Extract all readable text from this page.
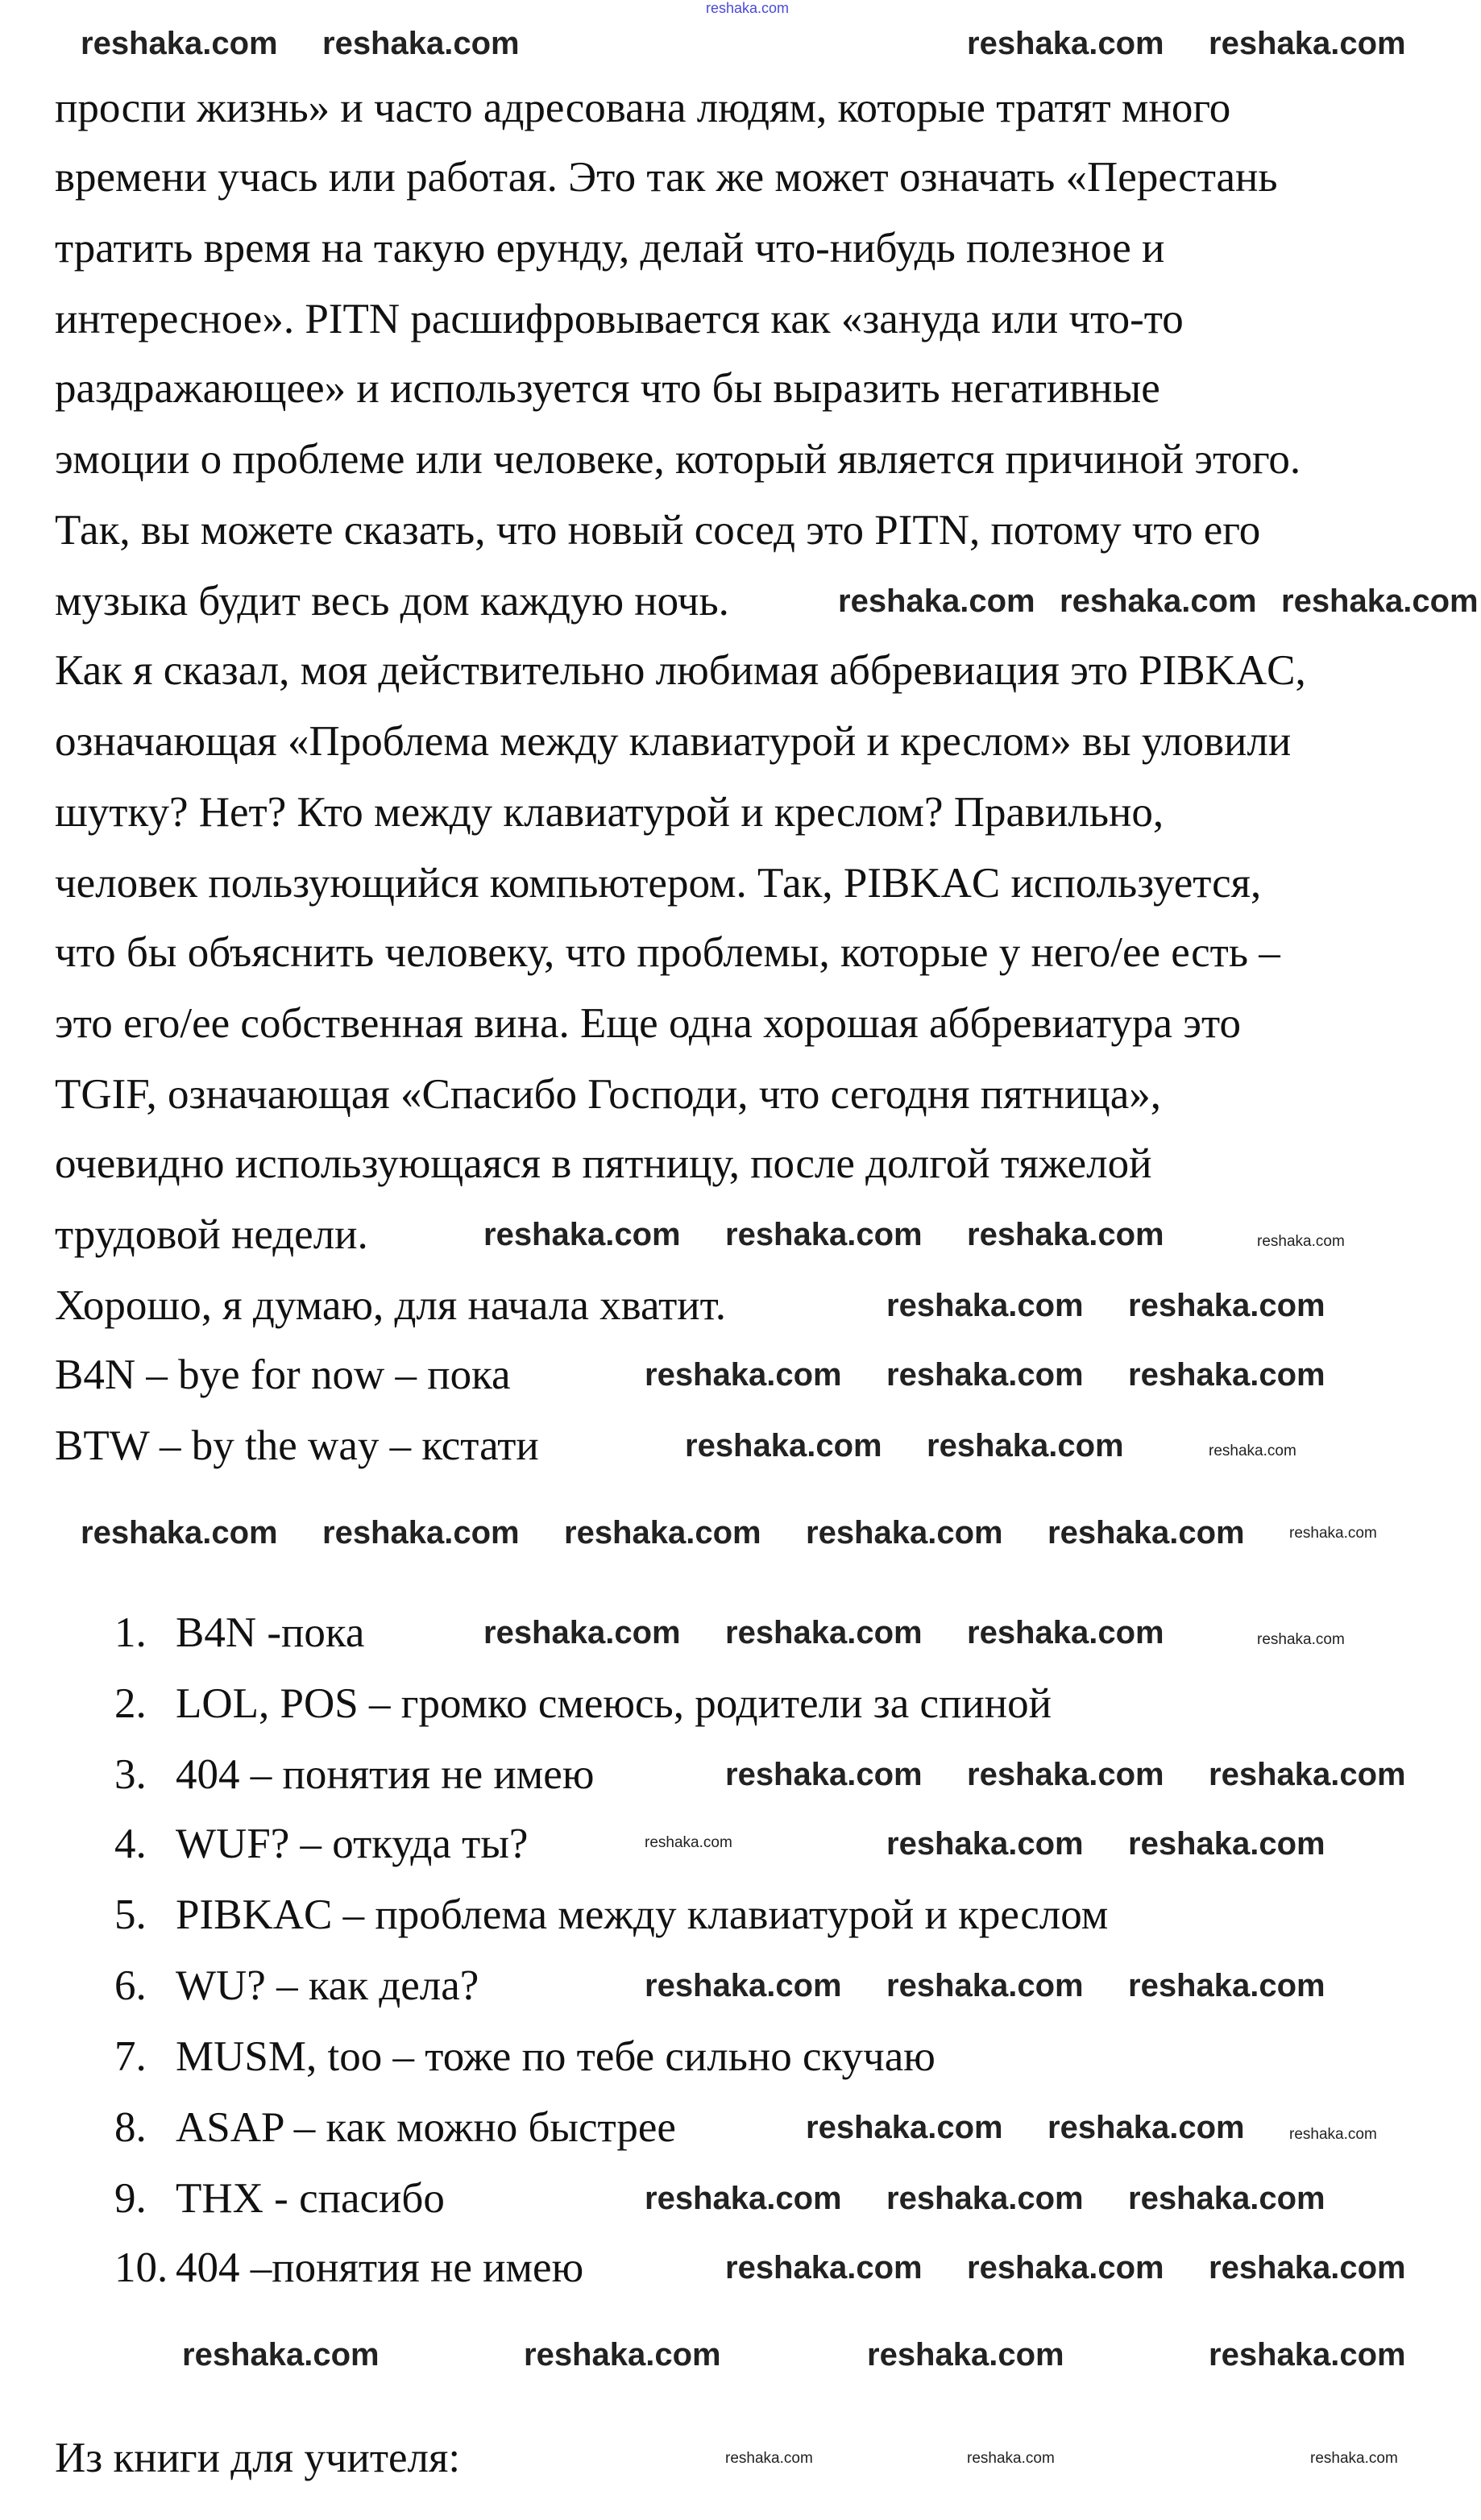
reshaka.com
проспи жизнь» и часто адресована людям, которые тратят много
времени учась или работая. Это так же может означать «Перестань
тратить время на такую ерунду, делай что-нибудь полезное и
интересное». PITN расшифровывается как «зануда или что-то
раздражающее» и используется что бы выразить негативные
эмоции о проблеме или человеке, который является причиной этого.
Так, вы можете сказать, что новый сосед это PITN, потому что его
музыка будит весь дом каждую ночь.
Как я сказал, моя действительно любимая аббревиация это PIBKAC,
означающая «Проблема между клавиатурой и креслом» вы уловили
шутку? Нет? Кто между клавиатурой и креслом? Правильно,
человек пользующийся компьютером. Так, PIBKAC используется,
что бы объяснить человеку, что проблемы, которые у него/ее есть –
это его/ее собственная вина. Еще одна хорошая аббревиатура это
TGIF, означающая «Спасибо Господи, что сегодня пятница»,
очевидно использующаяся в пятницу, после долгой тяжелой
трудовой недели.
Хорошо, я думаю, для начала хватит.
B4N – bye for now – пока
BTW – by the way – кстати
1. B4N -пока
2. LOL, POS – громко смеюсь, родители за спиной
3. 404 – понятия не имею
4. WUF? – откуда ты?
5. PIBKAC – проблема между клавиатурой и креслом
6. WU? – как дела?
7. MUSM, too – тоже по тебе сильно скучаю
8. ASAP – как можно быстрее
9. THX - спасибо
10. 404 –понятия не имею
Из книги для учителя:
reshaka.com reshaka.com	reshaka.com reshaka.com
reshaka.com reshaka.com reshaka.com
reshaka.com reshaka.com reshaka.com	reshaka.com
reshaka.com reshaka.com
reshaka.com reshaka.com reshaka.com
reshaka.com reshaka.com	reshaka.com
reshaka.com reshaka.com reshaka.com reshaka.com reshaka.com	reshaka.com
reshaka.com reshaka.com reshaka.com	reshaka.com
reshaka.com reshaka.com reshaka.com
reshaka.com	reshaka.com reshaka.com
reshaka.com reshaka.com reshaka.com
reshaka.com reshaka.com	reshaka.com
reshaka.com reshaka.com reshaka.com
reshaka.com reshaka.com reshaka.com
reshaka.com	reshaka.com	reshaka.com	reshaka.com
reshaka.com	reshaka.com	reshaka.com
